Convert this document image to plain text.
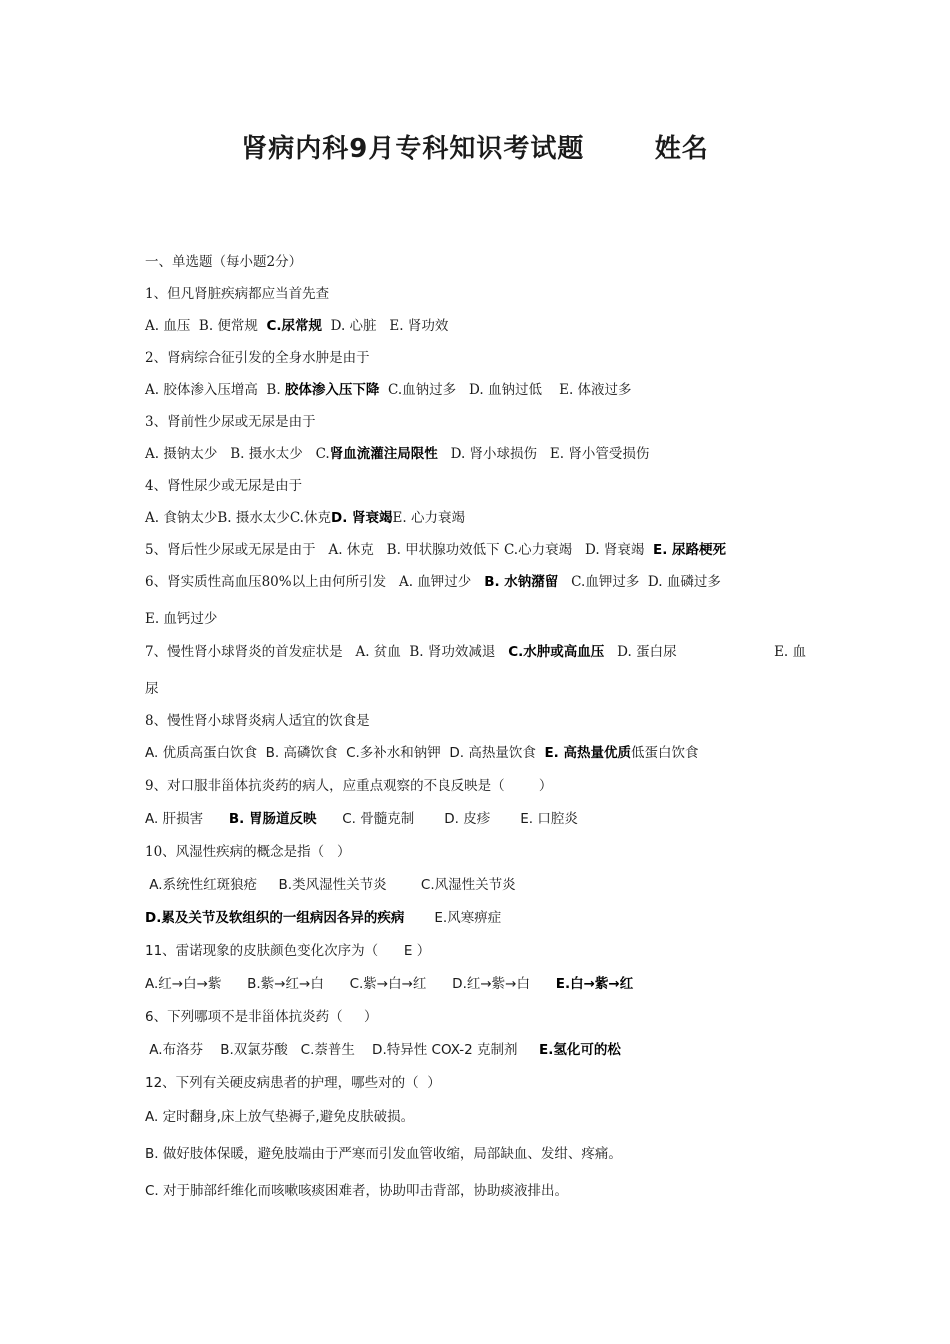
肾病内科9月专科知识考试题       姓名
一、单选题（每小题2分）
1、但凡肾脏疾病都应当首先查
A. 血压  B. 便常规  C.尿常规  D. 心脏   E. 肾功效
2、肾病综合征引发的全身水肿是由于
A. 胶体渗入压增高  B. 胶体渗入压下降  C.血钠过多   D. 血钠过低    E. 体液过多
3、肾前性少尿或无尿是由于
A. 摄钠太少   B. 摄水太少   C.肾血流灌注局限性   D. 肾小球损伤   E. 肾小管受损伤
4、肾性尿少或无尿是由于
A. 食钠太少B. 摄水太少C.休克D. 肾衰竭E. 心力衰竭
5、肾后性少尿或无尿是由于   A. 休克   B. 甲状腺功效低下 C.心力衰竭   D. 肾衰竭  E. 尿路梗死
6、肾实质性高血压80%以上由何所引发   A. 血钾过少   B. 水钠潴留   C.血钾过多  D. 血磷过多
E. 血钙过少
7、慢性肾小球肾炎的首发症状是   A. 贫血  B. 肾功效减退   C.水肿或高血压   D. 蛋白尿	E. 血
尿
8、慢性肾小球肾炎病人适宜的饮食是
A. 优质高蛋白饮食  B. 高磷饮食  C.多补水和钠钾  D. 高热量饮食  E. 高热量优质低蛋白饮食
9、对口服非甾体抗炎药的病人，应重点观察的不良反映是（        ）
A. 肝损害      B. 胃肠道反映      C. 骨髓克制       D. 皮疹       E. 口腔炎
10、风湿性疾病的概念是指（   ）
A.系统性红斑狼疮     B.类风湿性关节炎        C.风湿性关节炎
D.累及关节及软组织的一组病因各异的疾病       E.风寒痹症
11、雷诺现象的皮肤颜色变化次序为（      E ）
A.红→白→紫      B.紫→红→白      C.紫→白→红      D.红→紫→白      E.白→紫→红
6、下列哪项不是非甾体抗炎药（     ）
A.布洛芬    B.双氯芬酸   C.萘普生    D.特异性 COX-2 克制剂     E.氢化可的松
12、下列有关硬皮病患者的护理，哪些对的（  ）
A. 定时翻身,床上放气垫褥子,避免皮肤破损。
B. 做好肢体保暖，避免肢端由于严寒而引发血管收缩，局部缺血、发绀、疼痛。
C. 对于肺部纤维化而咳嗽咳痰困难者，协助叩击背部，协助痰液排出。
